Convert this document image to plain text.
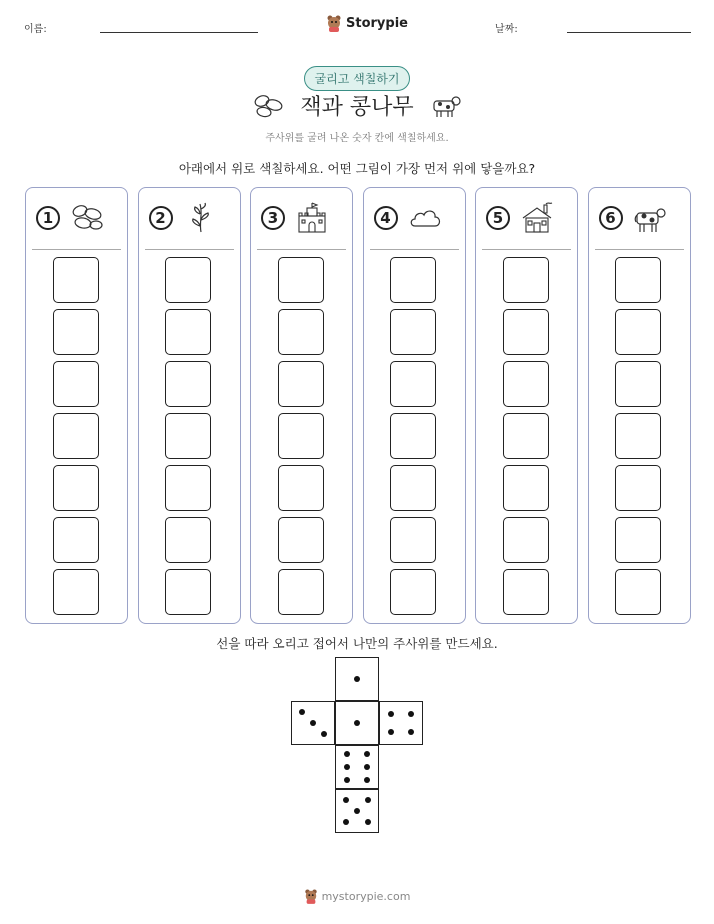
이름:	Storypie	날짜:
굴리고 색칠하기
잭과 콩나무
주사위를 굴려 나온 숫자 칸에 색칠하세요.
아래에서 위로 색칠하세요. 어떤 그림이 가장 먼저 위에 닿을까요?
1	2	3	4	5	6
선을 따라 오리고 접어서 나만의 주사위를 만드세요.
mystorypie.com
